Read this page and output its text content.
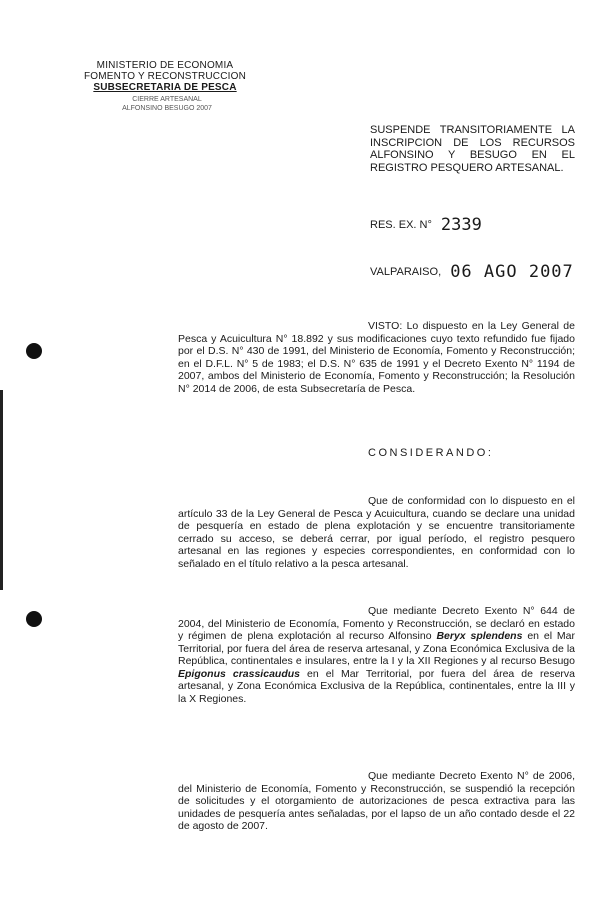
MINISTERIO DE ECONOMIA
FOMENTO Y RECONSTRUCCION
SUBSECRETARIA DE PESCA
CIERRE ARTESANAL
ALFONSINO BESUGO 2007
SUSPENDE TRANSITORIAMENTE LA INSCRIPCION DE LOS RECURSOS ALFONSINO Y BESUGO EN EL REGISTRO PESQUERO ARTESANAL.
RES. EX. N° 2339
VALPARAISO, 06 AGO 2007
VISTO: Lo dispuesto en la Ley General de Pesca y Acuicultura N° 18.892 y sus modificaciones cuyo texto refundido fue fijado por el D.S. N° 430 de 1991, del Ministerio de Economía, Fomento y Reconstrucción; en el D.F.L. N° 5 de 1983; el D.S. N° 635 de 1991 y el Decreto Exento N° 1194 de 2007, ambos del Ministerio de Economía, Fomento y Reconstrucción; la Resolución N° 2014 de 2006, de esta Subsecretaría de Pesca.
CONSIDERANDO:
Que de conformidad con lo dispuesto en el artículo 33 de la Ley General de Pesca y Acuicultura, cuando se declare una unidad de pesquería en estado de plena explotación y se encuentre transitoriamente cerrado su acceso, se deberá cerrar, por igual período, el registro pesquero artesanal en las regiones y especies correspondientes, en conformidad con lo señalado en el título relativo a la pesca artesanal.
Que mediante Decreto Exento N° 644 de 2004, del Ministerio de Economía, Fomento y Reconstrucción, se declaró en estado y régimen de plena explotación al recurso Alfonsino Beryx splendens en el Mar Territorial, por fuera del área de reserva artesanal, y Zona Económica Exclusiva de la República, continentales e insulares, entre la I y la XII Regiones y al recurso Besugo Epigonus crassicaudus en el Mar Territorial, por fuera del área de reserva artesanal, y Zona Económica Exclusiva de la República, continentales, entre la III y la X Regiones.
Que mediante Decreto Exento N° de 2006, del Ministerio de Economía, Fomento y Reconstrucción, se suspendió la recepción de solicitudes y el otorgamiento de autorizaciones de pesca extractiva para las unidades de pesquería antes señaladas, por el lapso de un año contado desde el 22 de agosto de 2007.
